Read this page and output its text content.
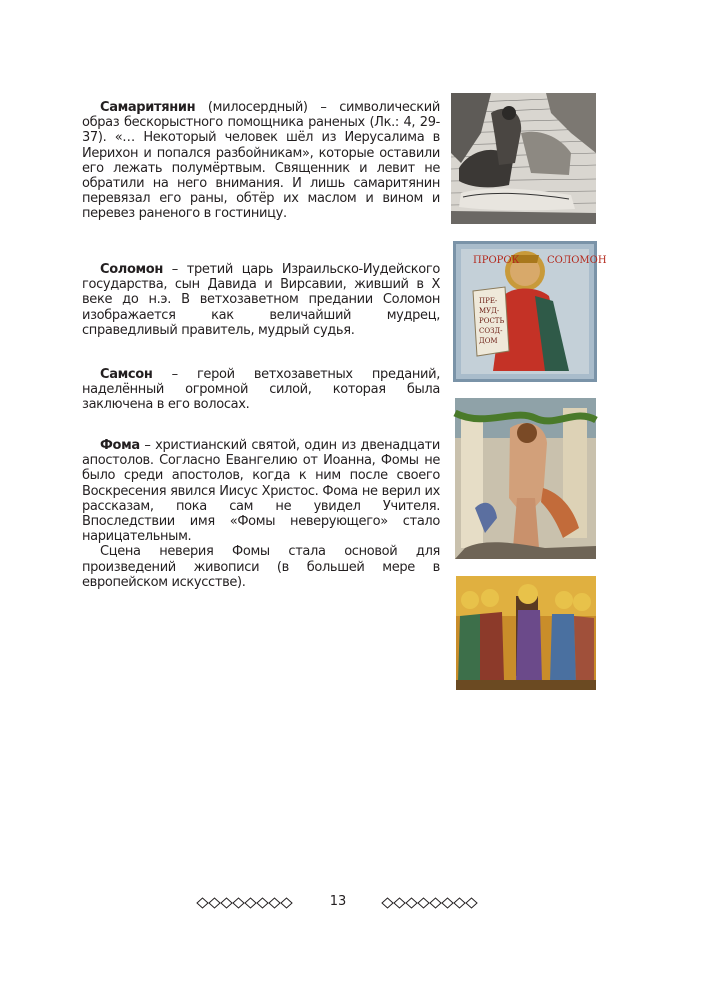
Самаритянин (милосердный) – символический образ бескорыстного помощника раненых (Лк.: 4, 29-37). «… Некоторый человек шёл из Иерусалима в Иерихон и попался разбойникам», которые оставили его лежать полумёртвым. Священник и левит не обратили на него внимания. И лишь самаритянин перевязал его раны, обтёр их маслом и вином и перевез раненого в гостиницу.

Соломон – третий царь Израильско-Иудейского государства, сын Давида и Вирсавии, живший в X веке до н.э. В ветхозаветном предании Соломон изображается как величайший мудрец, справедливый правитель, мудрый судья.

Самсон – герой ветхозаветных преданий, наделённый огромной силой, которая была заключена в его волосах.

Фома – христианский святой, один из двенадцати апостолов. Согласно Евангелию от Иоанна, Фомы не было среди апостолов, когда к ним после своего Воскресения явился Иисус Христос. Фома не верил их рассказам, пока сам не увидел Учителя. Впоследствии имя «Фомы неверующего» стало нарицательным.

Сцена неверия Фомы стала основой для произведений живописи (в большей мере в европейском искусстве).

ПРОРОК	СОЛОМОН
ПРЕ-
МУД-
РОСТЬ
СОЗД-
ДОМ
13
